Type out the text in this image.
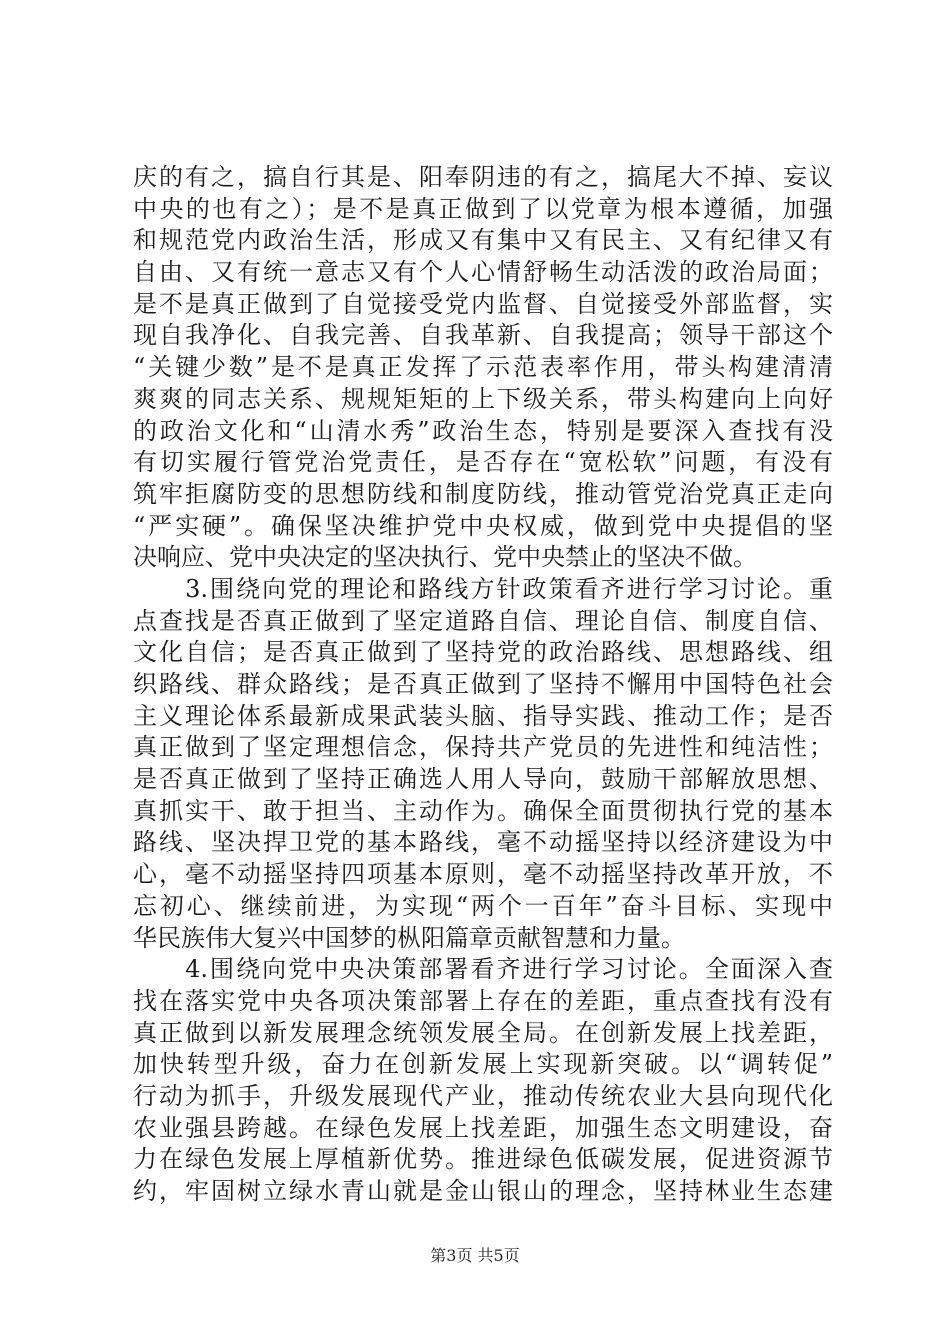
庆的有之，搞自行其是、阳奉阴违的有之，搞尾大不掉、妄议
中央的也有之）；是不是真正做到了以党章为根本遵循，加强
和规范党内政治生活，形成又有集中又有民主、又有纪律又有
自由、又有统一意志又有个人心情舒畅生动活泼的政治局面；
是不是真正做到了自觉接受党内监督、自觉接受外部监督，实
现自我净化、自我完善、自我革新、自我提高；领导干部这个
“关键少数”是不是真正发挥了示范表率作用，带头构建清清
爽爽的同志关系、规规矩矩的上下级关系，带头构建向上向好
的政治文化和“山清水秀”政治生态，特别是要深入查找有没
有切实履行管党治党责任，是否存在“宽松软”问题，有没有
筑牢拒腐防变的思想防线和制度防线，推动管党治党真正走向
“严实硬”。确保坚决维护党中央权威，做到党中央提倡的坚
决响应、党中央决定的坚决执行、党中央禁止的坚决不做。
　　3.围绕向党的理论和路线方针政策看齐进行学习讨论。重
点查找是否真正做到了坚定道路自信、理论自信、制度自信、
文化自信；是否真正做到了坚持党的政治路线、思想路线、组
织路线、群众路线；是否真正做到了坚持不懈用中国特色社会
主义理论体系最新成果武装头脑、指导实践、推动工作；是否
真正做到了坚定理想信念，保持共产党员的先进性和纯洁性；
是否真正做到了坚持正确选人用人导向，鼓励干部解放思想、
真抓实干、敢于担当、主动作为。确保全面贯彻执行党的基本
路线、坚决捍卫党的基本路线，毫不动摇坚持以经济建设为中
心，毫不动摇坚持四项基本原则，毫不动摇坚持改革开放，不
忘初心、继续前进，为实现“两个一百年”奋斗目标、实现中
华民族伟大复兴中国梦的枞阳篇章贡献智慧和力量。
　　4.围绕向党中央决策部署看齐进行学习讨论。全面深入查
找在落实党中央各项决策部署上存在的差距，重点查找有没有
真正做到以新发展理念统领发展全局。在创新发展上找差距，
加快转型升级，奋力在创新发展上实现新突破。以“调转促”
行动为抓手，升级发展现代产业，推动传统农业大县向现代化
农业强县跨越。在绿色发展上找差距，加强生态文明建设，奋
力在绿色发展上厚植新优势。推进绿色低碳发展，促进资源节
约，牢固树立绿水青山就是金山银山的理念，坚持林业生态建
第3页 共5页
